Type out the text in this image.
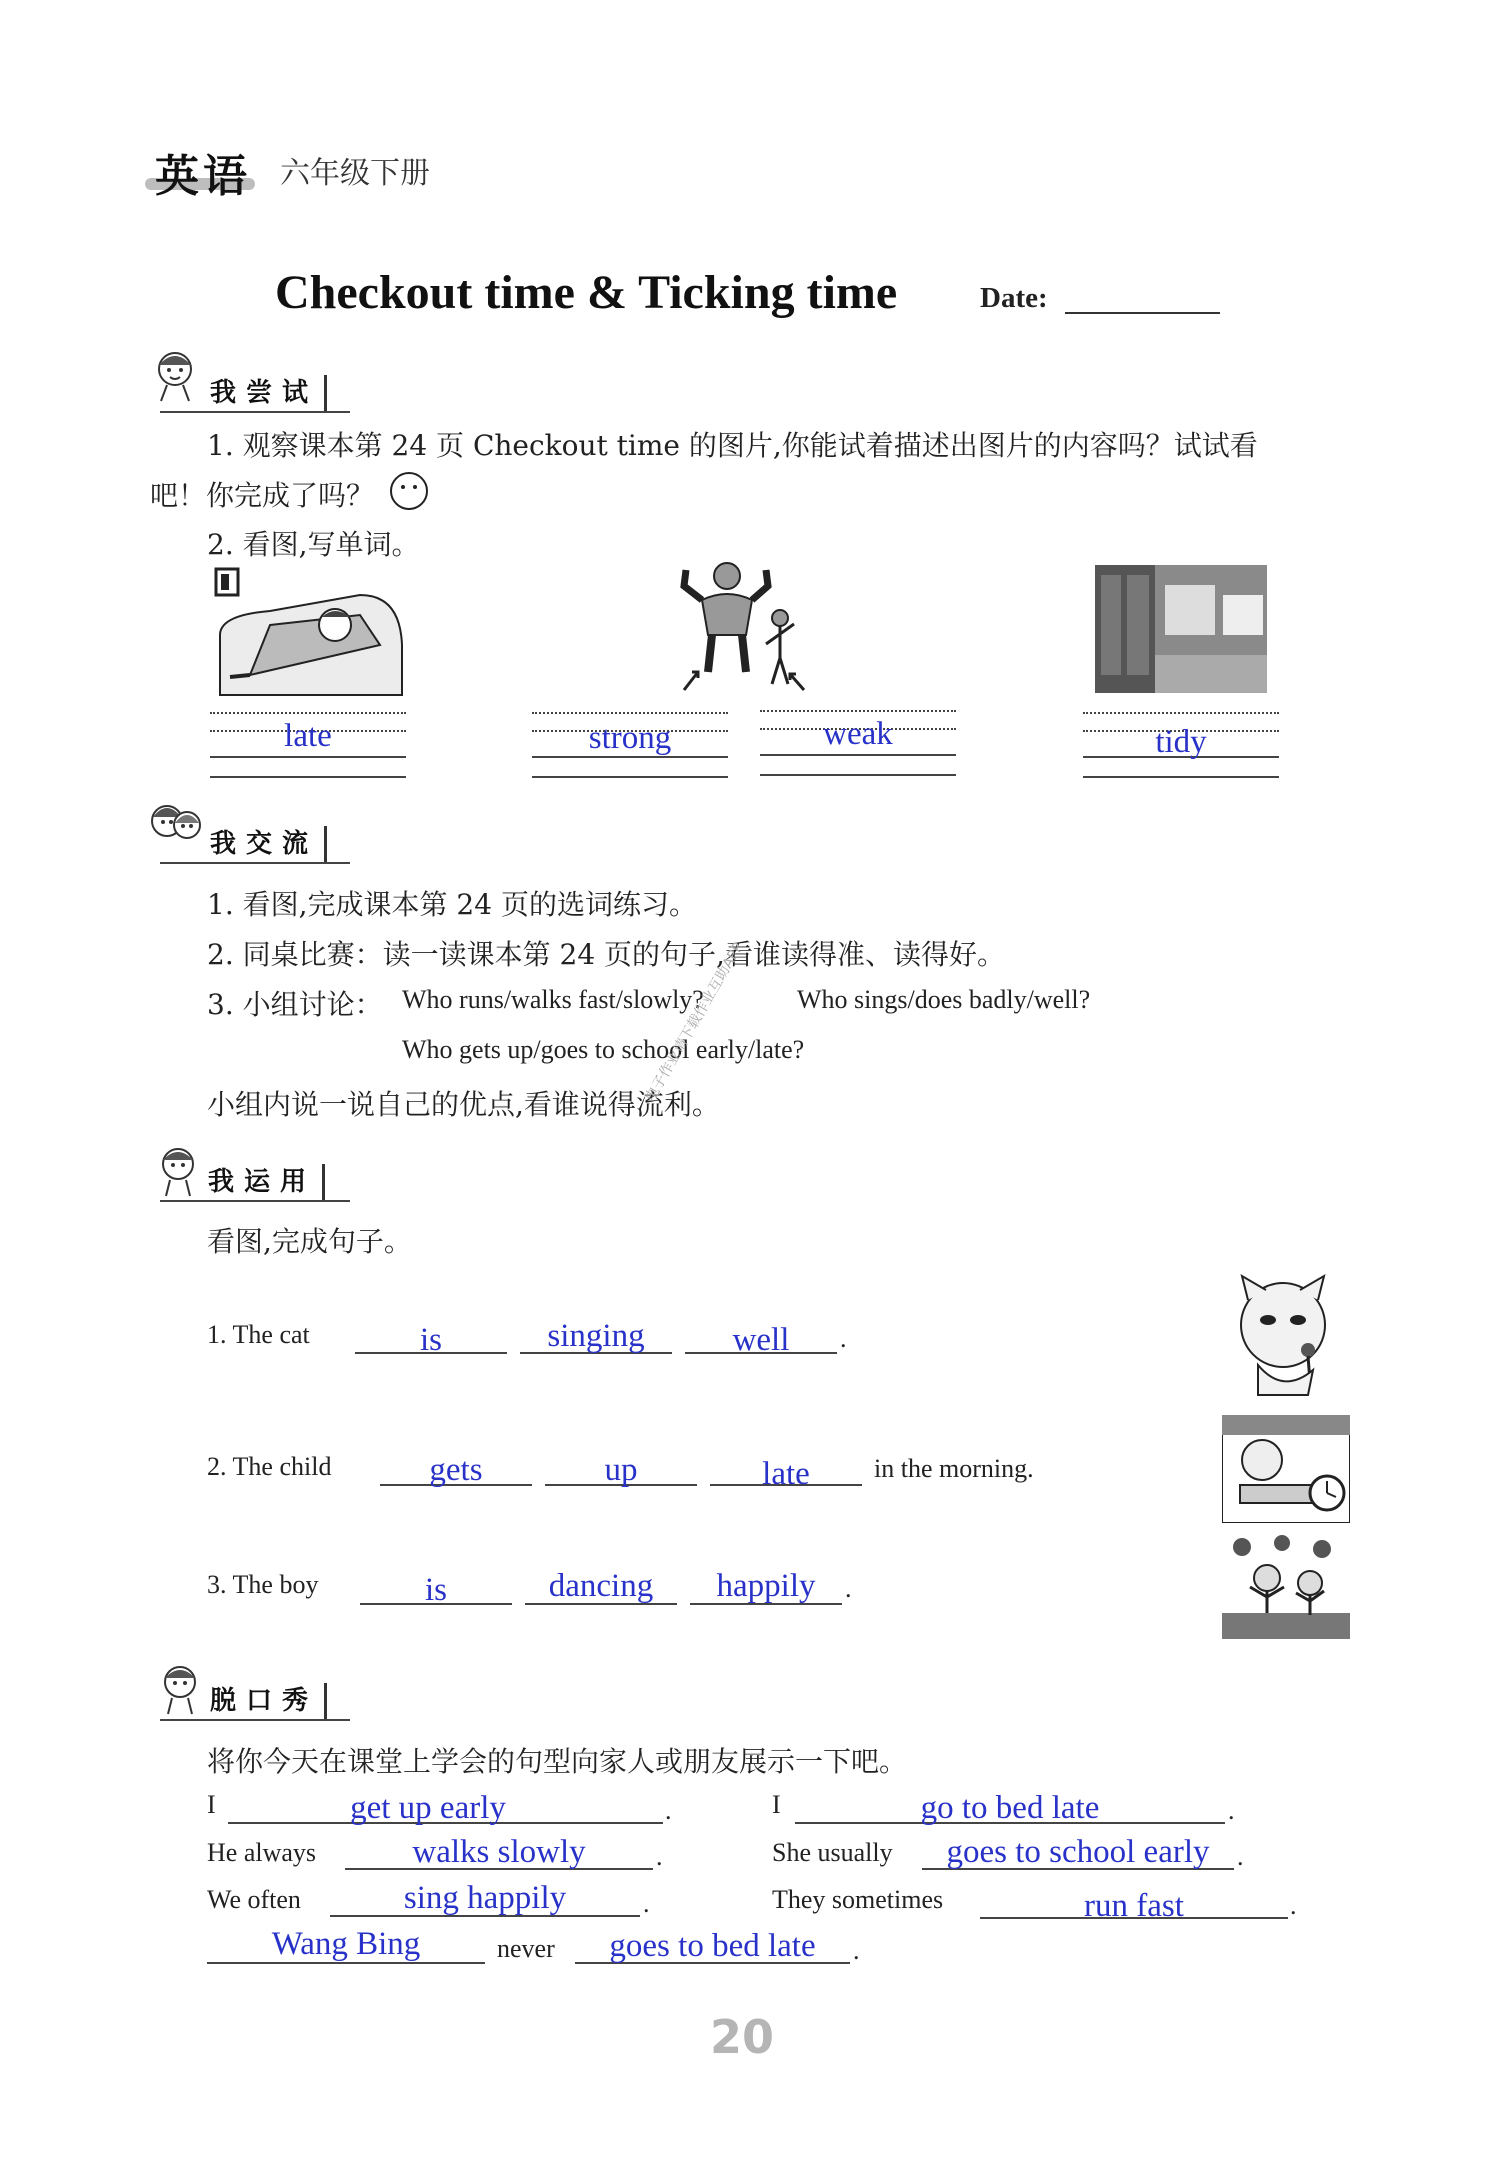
英语 六年级下册
Checkout time & Ticking time	Date:
我尝试
1. 观察课本第 24 页 Checkout time 的图片,你能试着描述出图片的内容吗？试试看
吧！你完成了吗？
2. 看图,写单词。
late	strong	weak	tidy
我交流
1. 看图,完成课本第 24 页的选词练习。
2. 同桌比赛：读一读课本第 24 页的句子,看谁读得准、读得好。
3. 小组讨论： Who runs/walks fast/slowly?	Who sings/does badly/well?
Who gets up/goes to school early/late?
小组内说一说自己的优点,看谁说得流利。
电子作业请下载作业互助APP
我运用
看图,完成句子。
1. The cat	is	singing	well	.
2. The child	gets	up	late	in the morning.
3. The boy	is	dancing	happily	.
脱口秀
将你今天在课堂上学会的句型向家人或朋友展示一下吧。
I	get up early	.	I	go to bed late	.
He always	walks slowly	.	She usually	goes to school early	.
We often	sing happily	.	They sometimes	run fast	.
Wang Bing	never	goes to bed late	.
20
